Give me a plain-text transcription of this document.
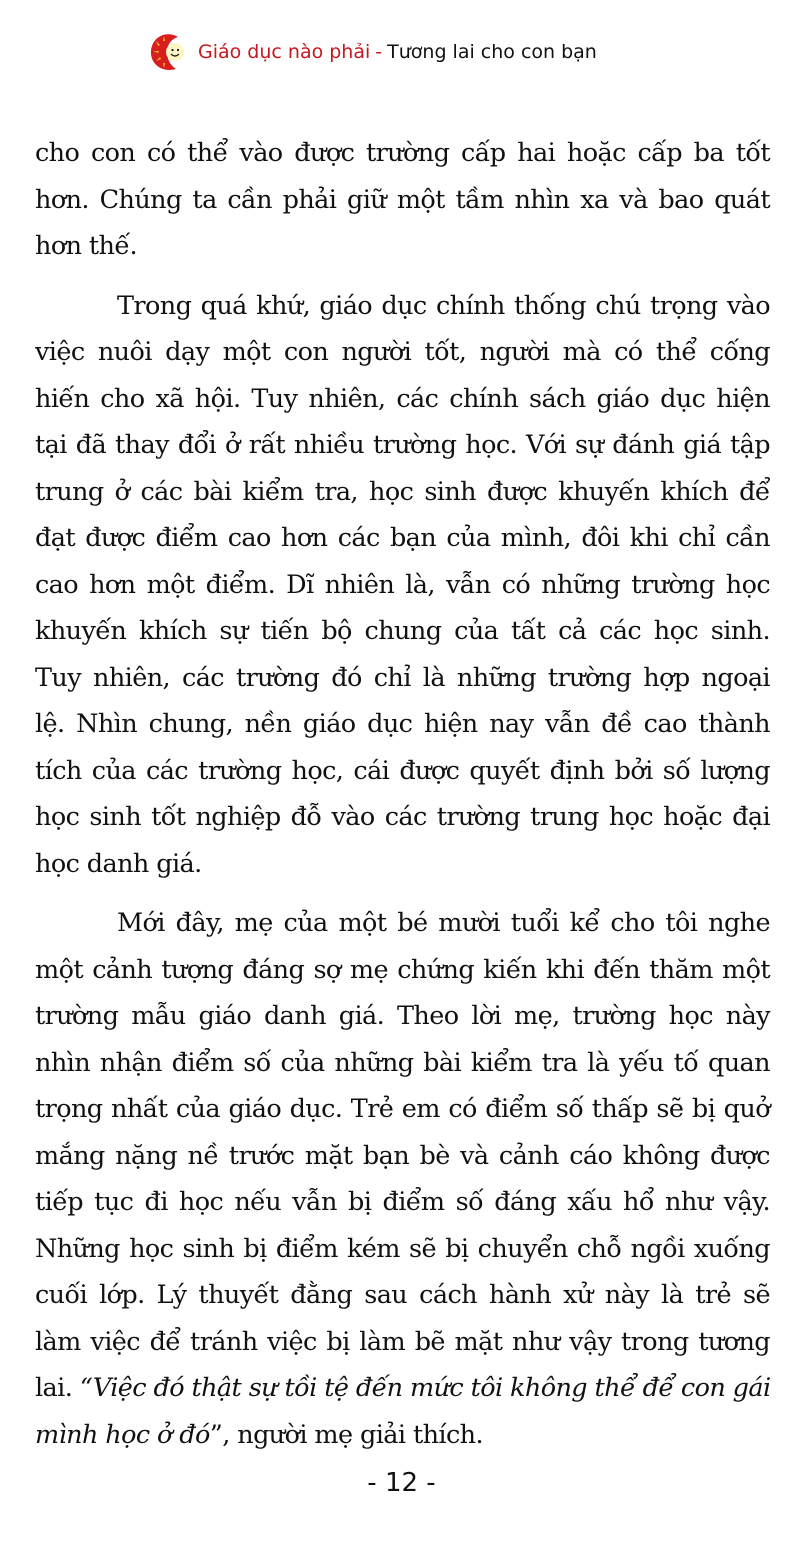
Giáo dục nào phải - Tương lai cho con bạn

cho con có thể vào được trường cấp hai hoặc cấp ba tốt
hơn. Chúng ta cần phải giữ một tầm nhìn xa và bao quát
hơn thế.

Trong quá khứ, giáo dục chính thống chú trọng vào
việc nuôi dạy một con người tốt, người mà có thể cống
hiến cho xã hội. Tuy nhiên, các chính sách giáo dục hiện
tại đã thay đổi ở rất nhiều trường học. Với sự đánh giá tập
trung ở các bài kiểm tra, học sinh được khuyến khích để
đạt được điểm cao hơn các bạn của mình, đôi khi chỉ cần
cao hơn một điểm. Dĩ nhiên là, vẫn có những trường học
khuyến khích sự tiến bộ chung của tất cả các học sinh.
Tuy nhiên, các trường đó chỉ là những trường hợp ngoại
lệ. Nhìn chung, nền giáo dục hiện nay vẫn đề cao thành
tích của các trường học, cái được quyết định bởi số lượng
học sinh tốt nghiệp đỗ vào các trường trung học hoặc đại
học danh giá.

Mới đây, mẹ của một bé mười tuổi kể cho tôi nghe
một cảnh tượng đáng sợ mẹ chứng kiến khi đến thăm một
trường mẫu giáo danh giá. Theo lời mẹ, trường học này
nhìn nhận điểm số của những bài kiểm tra là yếu tố quan
trọng nhất của giáo dục. Trẻ em có điểm số thấp sẽ bị quở
mắng nặng nề trước mặt bạn bè và cảnh cáo không được
tiếp tục đi học nếu vẫn bị điểm số đáng xấu hổ như vậy.
Những học sinh bị điểm kém sẽ bị chuyển chỗ ngồi xuống
cuối lớp. Lý thuyết đằng sau cách hành xử này là trẻ sẽ
làm việc để tránh việc bị làm bẽ mặt như vậy trong tương
lai. “Việc đó thật sự tồi tệ đến mức tôi không thể để con gái
mình học ở đó”, người mẹ giải thích.

- 12 -
